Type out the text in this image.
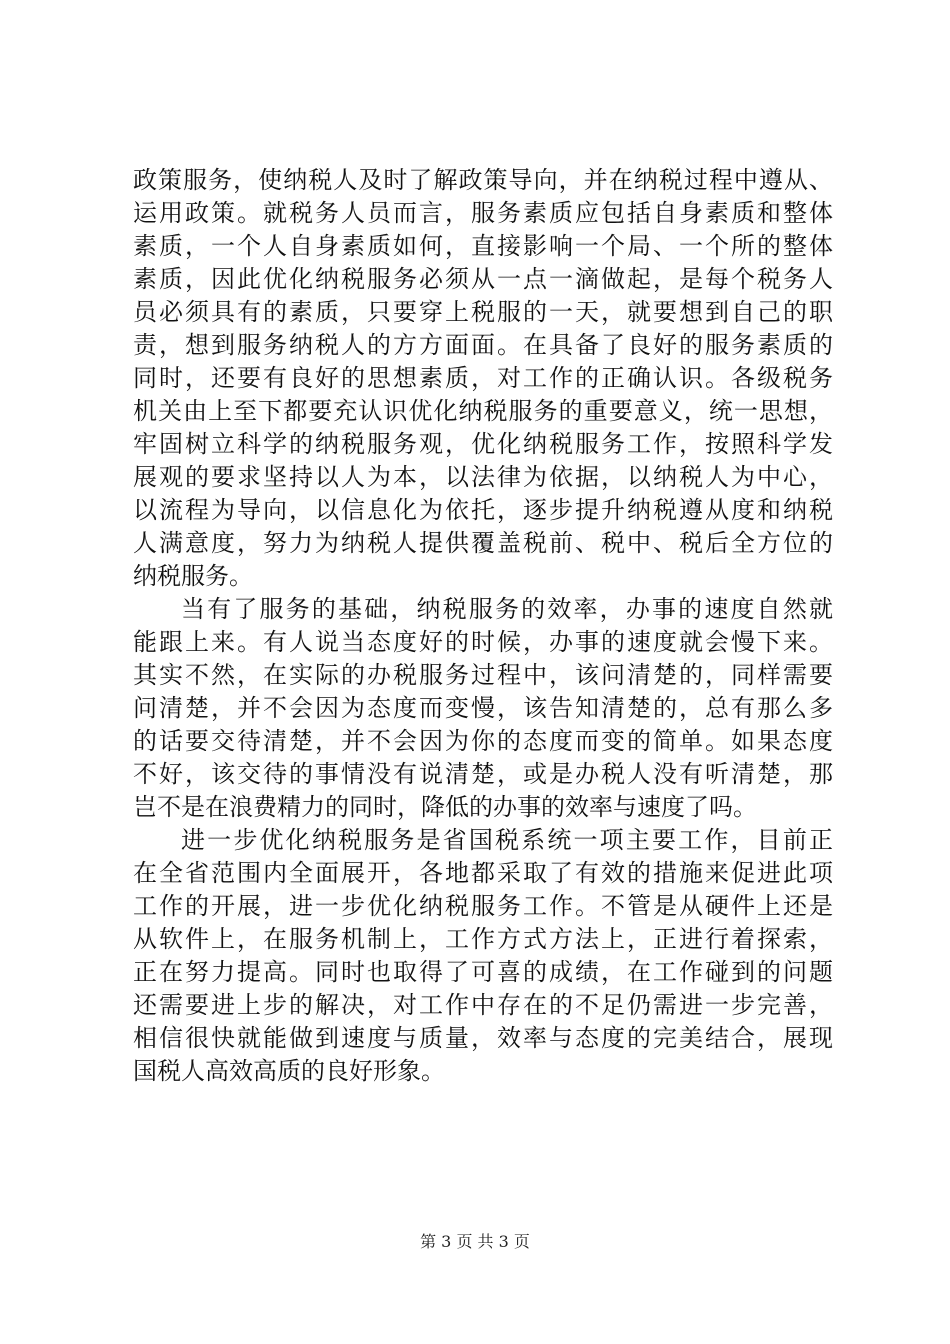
政策服务，使纳税人及时了解政策导向，并在纳税过程中遵从、
运用政策。就税务人员而言，服务素质应包括自身素质和整体
素质，一个人自身素质如何，直接影响一个局、一个所的整体
素质，因此优化纳税服务必须从一点一滴做起，是每个税务人
员必须具有的素质，只要穿上税服的一天，就要想到自己的职
责，想到服务纳税人的方方面面。在具备了良好的服务素质的
同时，还要有良好的思想素质，对工作的正确认识。各级税务
机关由上至下都要充认识优化纳税服务的重要意义，统一思想，
牢固树立科学的纳税服务观，优化纳税服务工作，按照科学发
展观的要求坚持以人为本，以法律为依据，以纳税人为中心，
以流程为导向，以信息化为依托，逐步提升纳税遵从度和纳税
人满意度，努力为纳税人提供覆盖税前、税中、税后全方位的
纳税服务。
当有了服务的基础，纳税服务的效率，办事的速度自然就
能跟上来。有人说当态度好的时候，办事的速度就会慢下来。
其实不然，在实际的办税服务过程中，该问清楚的，同样需要
问清楚，并不会因为态度而变慢，该告知清楚的，总有那么多
的话要交待清楚，并不会因为你的态度而变的简单。如果态度
不好，该交待的事情没有说清楚，或是办税人没有听清楚，那
岂不是在浪费精力的同时，降低的办事的效率与速度了吗。
进一步优化纳税服务是省国税系统一项主要工作，目前正
在全省范围内全面展开，各地都采取了有效的措施来促进此项
工作的开展，进一步优化纳税服务工作。不管是从硬件上还是
从软件上，在服务机制上，工作方式方法上，正进行着探索，
正在努力提高。同时也取得了可喜的成绩，在工作碰到的问题
还需要进上步的解决，对工作中存在的不足仍需进一步完善，
相信很快就能做到速度与质量，效率与态度的完美结合，展现
国税人高效高质的良好形象。
第 3 页 共 3 页
